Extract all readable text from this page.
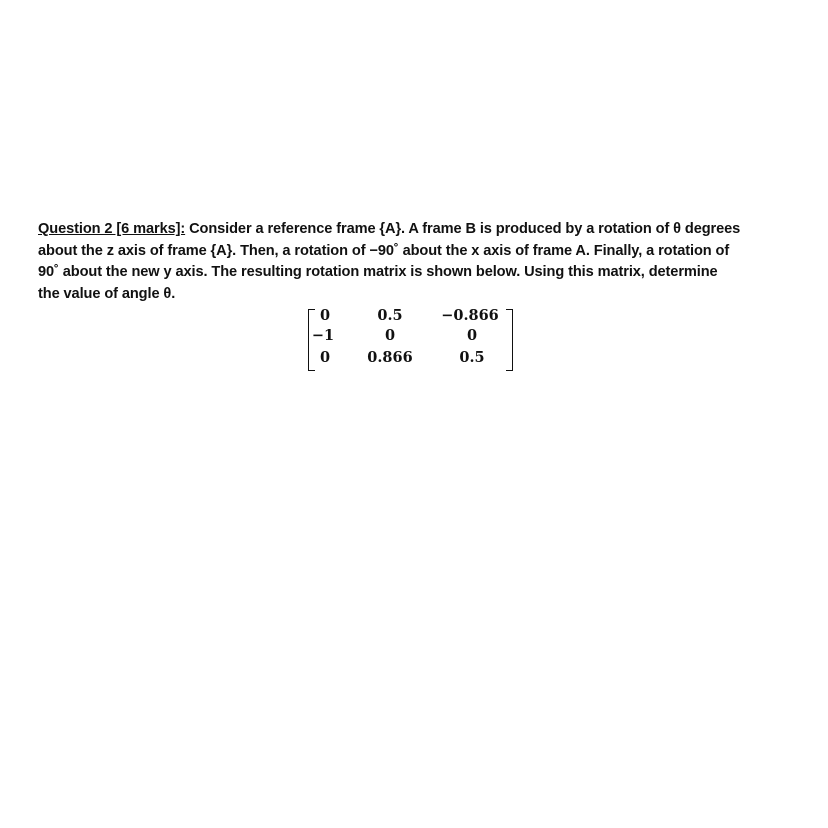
Question 2 [6 marks]: Consider a reference frame {A}. A frame B is produced by a rotation of θ degrees
about the z axis of frame {A}. Then, a rotation of −90˚ about the x axis of frame A. Finally, a rotation of
90˚ about the new y axis. The resulting rotation matrix is shown below. Using this matrix, determine
the value of angle θ.
0	0.5	−0.866
−1	0	0
0	0.866	0.5
